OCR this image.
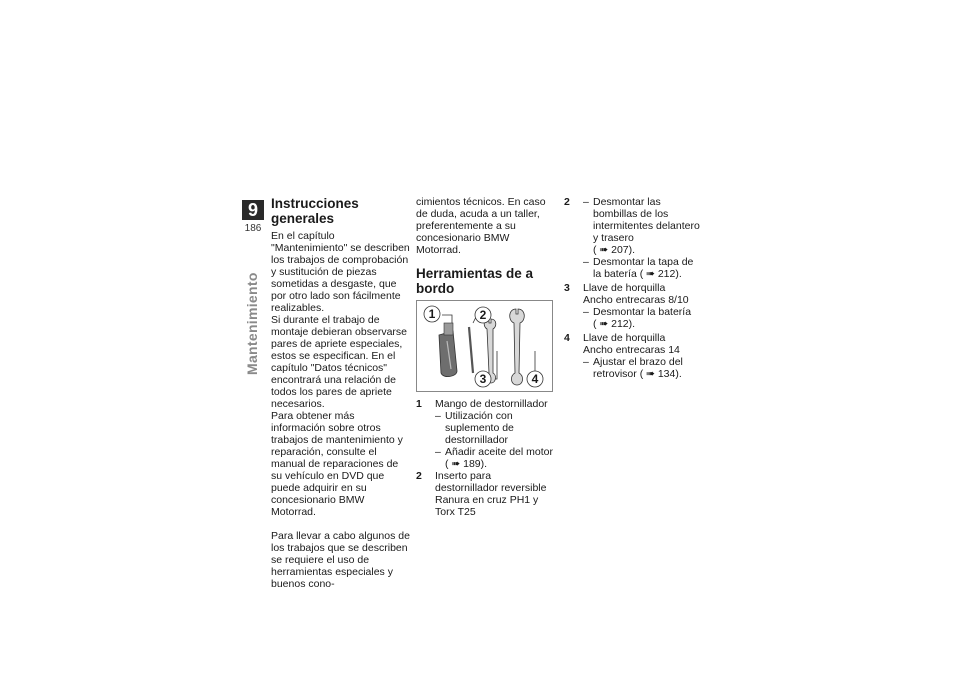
9
186
Mantenimiento
Instrucciones generales

En el capítulo "Mantenimiento" se describen los trabajos de comprobación y sustitución de piezas sometidas a desgaste, que por otro lado son fácilmente realizables.

Si durante el trabajo de montaje debieran observarse pares de apriete especiales, estos se especifican. En el capítulo "Datos técnicos" encontrará una relación de todos los pares de apriete necesarios.

Para obtener más información sobre otros trabajos de mantenimiento y reparación, consulte el manual de reparaciones de su vehículo en DVD que puede adquirir en su concesionario BMW Motorrad.

Para llevar a cabo algunos de los trabajos que se describen se requiere el uso de herramientas especiales y buenos cono-

cimientos técnicos. En caso de duda, acuda a un taller, preferentemente a su concesionario BMW Motorrad.

Herramientas de a bordo
1	2
3	4
1 Mango de destornillador

– Utilización con suplemento de destornillador
– Añadir aceite del motor
( ➠ 189).
2 Inserto para destornillador reversible

Ranura en cruz PH1 y Torx T25

2 – Desmontar las bombillas de los intermitentes delantero y trasero
( ➠ 207).
– Desmontar la tapa de la batería ( ➠ 212).
3 Llave de horquilla

Ancho entrecaras 8/10

– Desmontar la batería
( ➠ 212).
4 Llave de horquilla

Ancho entrecaras 14

– Ajustar el brazo del retrovisor ( ➠ 134).
